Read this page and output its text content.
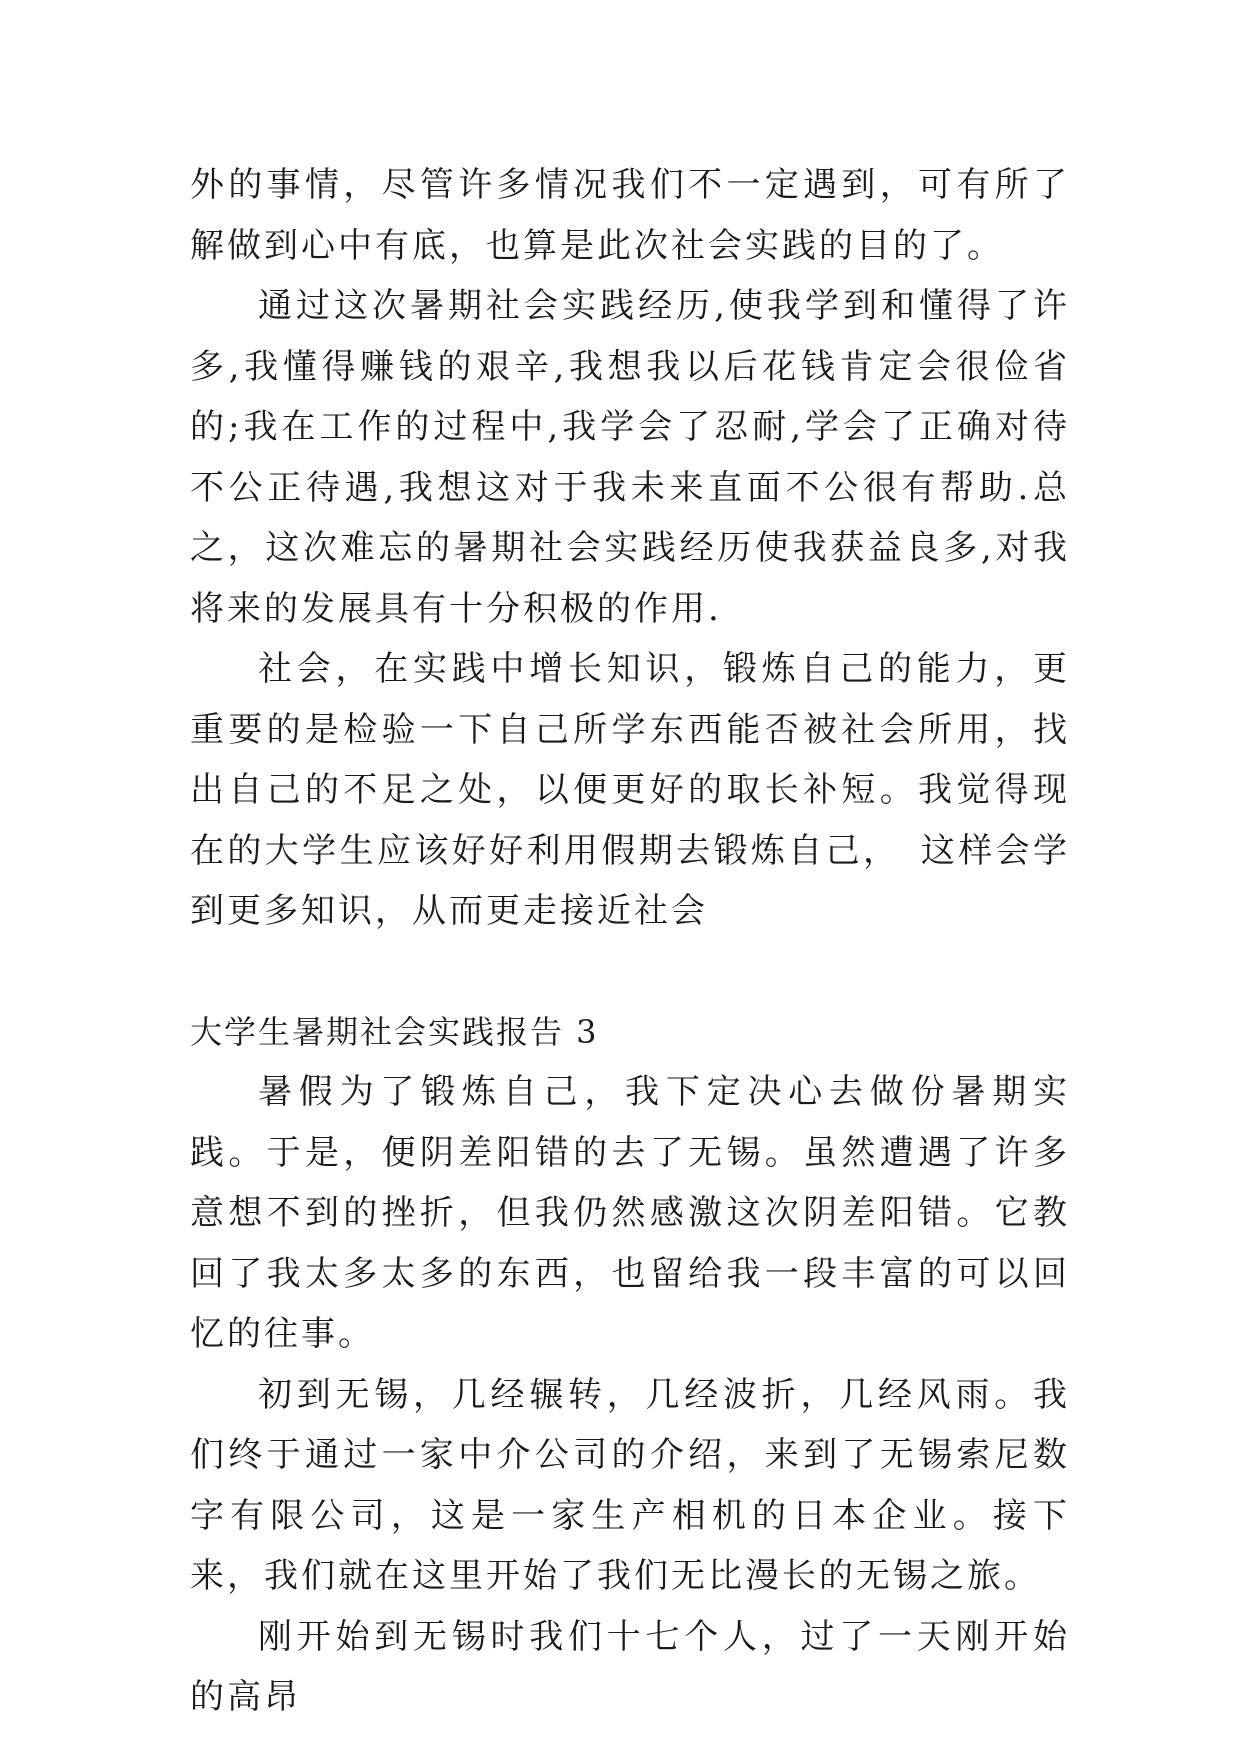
外的事情，尽管许多情况我们不一定遇到，可有所了解做到心中有底，也算是此次社会实践的目的了。

通过这次暑期社会实践经历,使我学到和懂得了许多,我懂得赚钱的艰辛,我想我以后花钱肯定会很俭省的;我在工作的过程中,我学会了忍耐,学会了正确对待不公正待遇,我想这对于我未来直面不公很有帮助.总之，这次难忘的暑期社会实践经历使我获益良多,对我将来的发展具有十分积极的作用.

社会，在实践中增长知识，锻炼自己的能力，更重要的是检验一下自己所学东西能否被社会所用，找出自己的不足之处，以便更好的取长补短。我觉得现在的大学生应该好好利用假期去锻炼自己，　这样会学到更多知识，从而更走接近社会

大学生暑期社会实践报告 3

暑假为了锻炼自己，我下定决心去做份暑期实践。于是，便阴差阳错的去了无锡。虽然遭遇了许多意想不到的挫折，但我仍然感激这次阴差阳错。它教回了我太多太多的东西，也留给我一段丰富的可以回忆的往事。

初到无锡，几经辗转，几经波折，几经风雨。我们终于通过一家中介公司的介绍，来到了无锡索尼数字有限公司，这是一家生产相机的日本企业。接下来，我们就在这里开始了我们无比漫长的无锡之旅。

刚开始到无锡时我们十七个人，过了一天刚开始的高昂
